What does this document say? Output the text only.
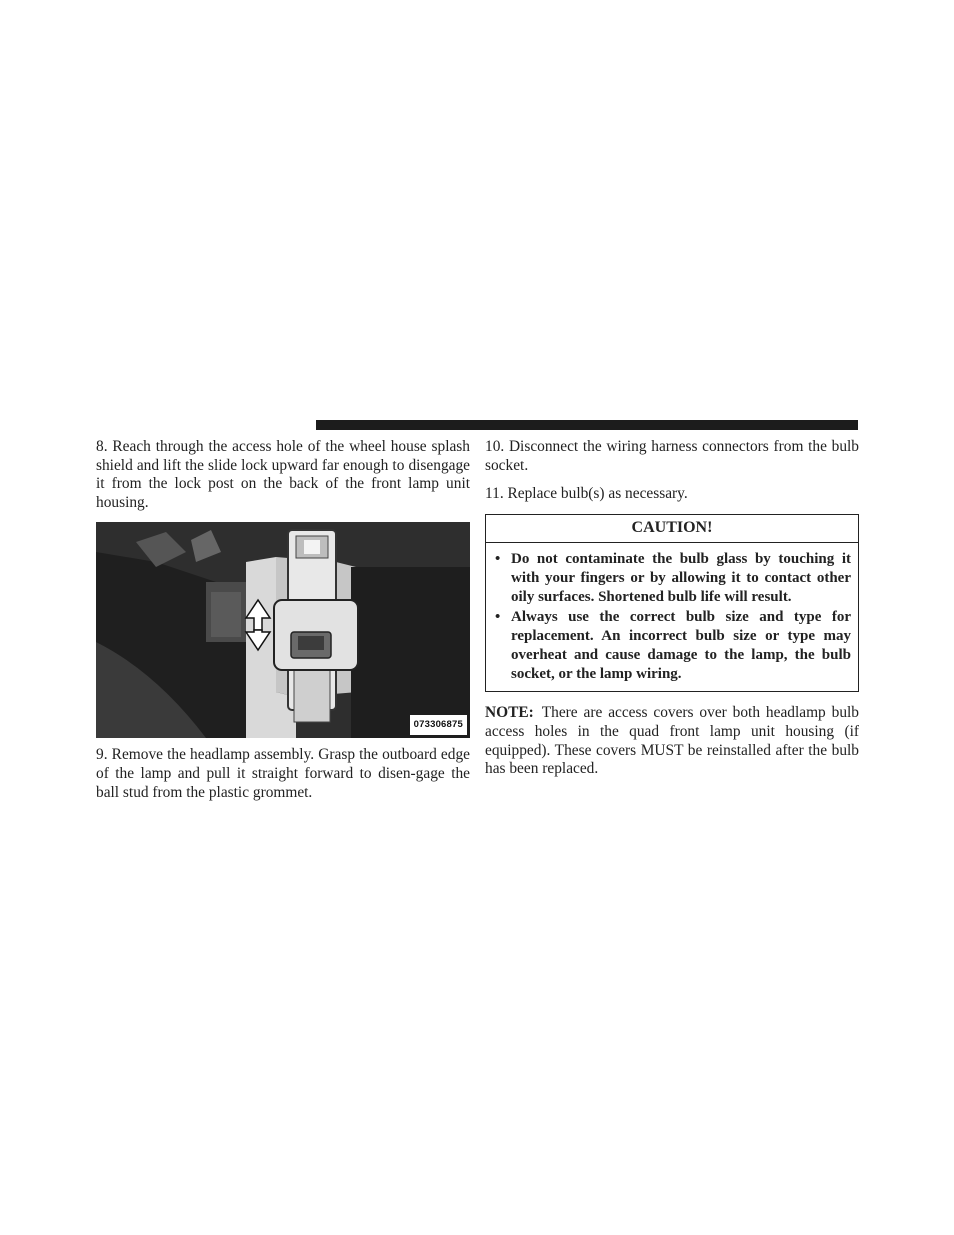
8. Reach through the access hole of the wheel house splash shield and lift the slide lock upward far enough to disengage it from the lock post on the back of the front lamp unit housing.

073306875

9. Remove the headlamp assembly. Grasp the outboard edge of the lamp and pull it straight forward to disen-gage the ball stud from the plastic grommet.

10. Disconnect the wiring harness connectors from the bulb socket.

11. Replace bulb(s) as necessary.

CAUTION!
• Do not contaminate the bulb glass by touching it with your fingers or by allowing it to contact other oily surfaces. Shortened bulb life will result.
• Always use the correct bulb size and type for replacement. An incorrect bulb size or type may overheat and cause damage to the lamp, the bulb socket, or the lamp wiring.

NOTE: There are access covers over both headlamp bulb access holes in the quad front lamp unit housing (if equipped). These covers MUST be reinstalled after the bulb has been replaced.
